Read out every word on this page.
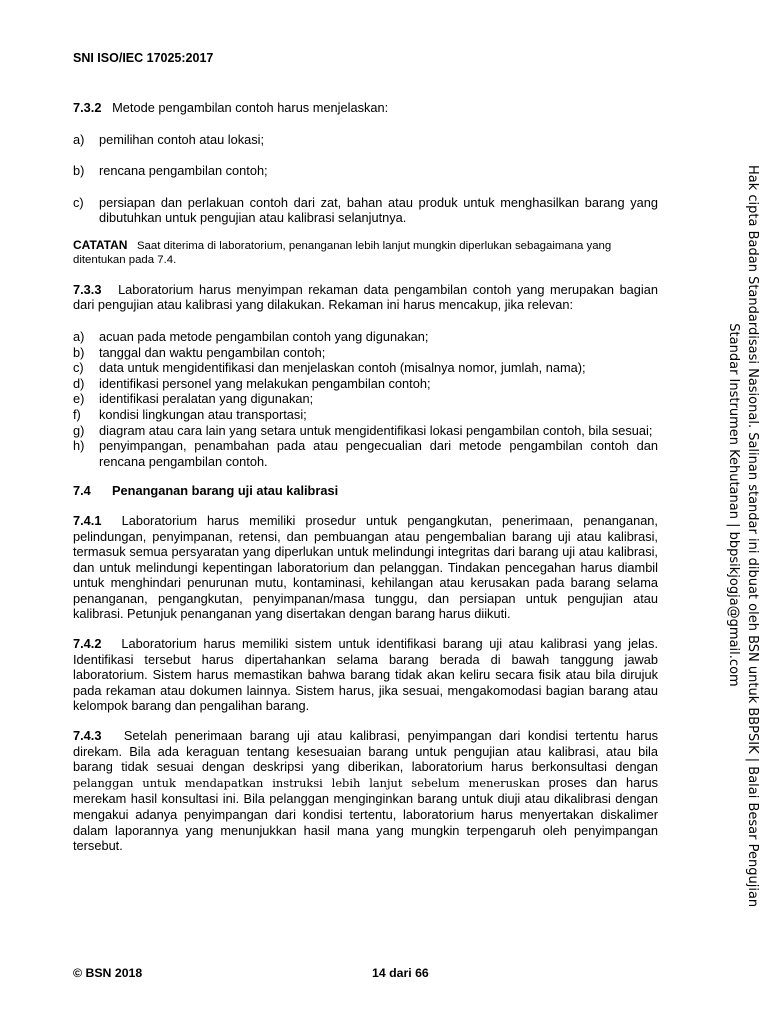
SNI ISO/IEC 17025:2017

7.3.2 Metode pengambilan contoh harus menjelaskan:

a)	pemilihan contoh atau lokasi;
b)	rencana pengambilan contoh;
c)	persiapan dan perlakuan contoh dari zat, bahan atau produk untuk menghasilkan barang yang dibutuhkan untuk pengujian atau kalibrasi selanjutnya.

CATATAN Saat diterima di laboratorium, penanganan lebih lanjut mungkin diperlukan sebagaimana yang ditentukan pada 7.4.

7.3.3 Laboratorium harus menyimpan rekaman data pengambilan contoh yang merupakan bagian dari pengujian atau kalibrasi yang dilakukan. Rekaman ini harus mencakup, jika relevan:

a)	acuan pada metode pengambilan contoh yang digunakan;
b)	tanggal dan waktu pengambilan contoh;
c)	data untuk mengidentifikasi dan menjelaskan contoh (misalnya nomor, jumlah, nama);
d)	identifikasi personel yang melakukan pengambilan contoh;
e)	identifikasi peralatan yang digunakan;
f)	kondisi lingkungan atau transportasi;
g)	diagram atau cara lain yang setara untuk mengidentifikasi lokasi pengambilan contoh, bila sesuai;
h)	penyimpangan, penambahan pada atau pengecualian dari metode pengambilan contoh dan rencana pengambilan contoh.
7.4	Penanganan barang uji atau kalibrasi

7.4.1 Laboratorium harus memiliki prosedur untuk pengangkutan, penerimaan, penanganan, pelindungan, penyimpanan, retensi, dan pembuangan atau pengembalian barang uji atau kalibrasi, termasuk semua persyaratan yang diperlukan untuk melindungi integritas dari barang uji atau kalibrasi, dan untuk melindungi kepentingan laboratorium dan pelanggan. Tindakan pencegahan harus diambil untuk menghindari penurunan mutu, kontaminasi, kehilangan atau kerusakan pada barang selama penanganan, pengangkutan, penyimpanan/masa tunggu, dan persiapan untuk pengujian atau kalibrasi. Petunjuk penanganan yang disertakan dengan barang harus diikuti.

7.4.2 Laboratorium harus memiliki sistem untuk identifikasi barang uji atau kalibrasi yang jelas. Identifikasi tersebut harus dipertahankan selama barang berada di bawah tanggung jawab laboratorium. Sistem harus memastikan bahwa barang tidak akan keliru secara fisik atau bila dirujuk pada rekaman atau dokumen lainnya. Sistem harus, jika sesuai, mengakomodasi bagian barang atau kelompok barang dan pengalihan barang.

7.4.3 Setelah penerimaan barang uji atau kalibrasi, penyimpangan dari kondisi tertentu harus direkam. Bila ada keraguan tentang kesesuaian barang untuk pengujian atau kalibrasi, atau bila barang tidak sesuai dengan deskripsi yang diberikan, laboratorium harus berkonsultasi dengan pelanggan untuk mendapatkan instruksi lebih lanjut sebelum meneruskan proses dan harus merekam hasil konsultasi ini. Bila pelanggan menginginkan barang untuk diuji atau dikalibrasi dengan mengakui adanya penyimpangan dari kondisi tertentu, laboratorium harus menyertakan diskalimer dalam laporannya yang menunjukkan hasil mana yang mungkin terpengaruh oleh penyimpangan tersebut.

© BSN 2018	14 dari 66
Hak cipta Badan Standardisasi Nasional. Salinan standar ini dibuat oleh BSN untuk BBPSIK | Balai Besar Pengujian
Standar Instrumen Kehutanan | bbpsikjogja@gmail.com
